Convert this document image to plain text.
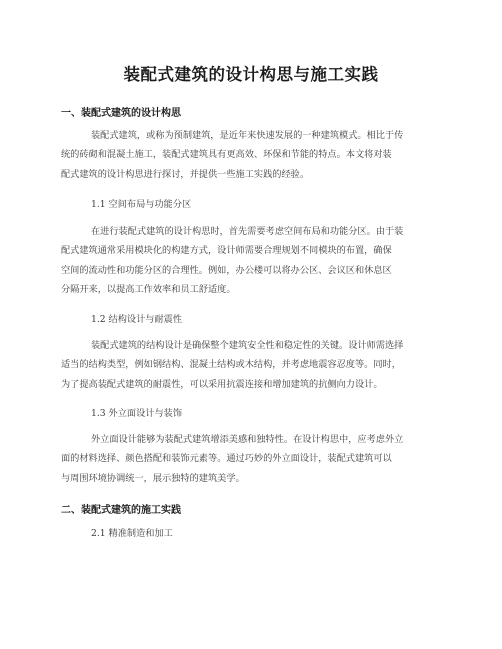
装配式建筑的设计构思与施工实践
一、装配式建筑的设计构思
装配式建筑，或称为预制建筑，是近年来快速发展的一种建筑模式。相比于传
统的砖砌和混凝土施工，装配式建筑具有更高效、环保和节能的特点。本文将对装
配式建筑的设计构思进行探讨，并提供一些施工实践的经验。
1.1 空间布局与功能分区
在进行装配式建筑的设计构思时，首先需要考虑空间布局和功能分区。由于装
配式建筑通常采用模块化的构建方式，设计师需要合理规划不同模块的布置，确保
空间的流动性和功能分区的合理性。例如，办公楼可以将办公区、会议区和休息区
分隔开来，以提高工作效率和员工舒适度。
1.2 结构设计与耐震性
装配式建筑的结构设计是确保整个建筑安全性和稳定性的关键。设计师需选择
适当的结构类型，例如钢结构、混凝土结构或木结构，并考虑地震容忍度等。同时，
为了提高装配式建筑的耐震性，可以采用抗震连接和增加建筑的抗侧向力设计。
1.3 外立面设计与装饰
外立面设计能够为装配式建筑增添美感和独特性。在设计构思中，应考虑外立
面的材料选择、颜色搭配和装饰元素等。通过巧妙的外立面设计，装配式建筑可以
与周围环境协调统一，展示独特的建筑美学。
二、装配式建筑的施工实践
2.1 精准制造和加工
